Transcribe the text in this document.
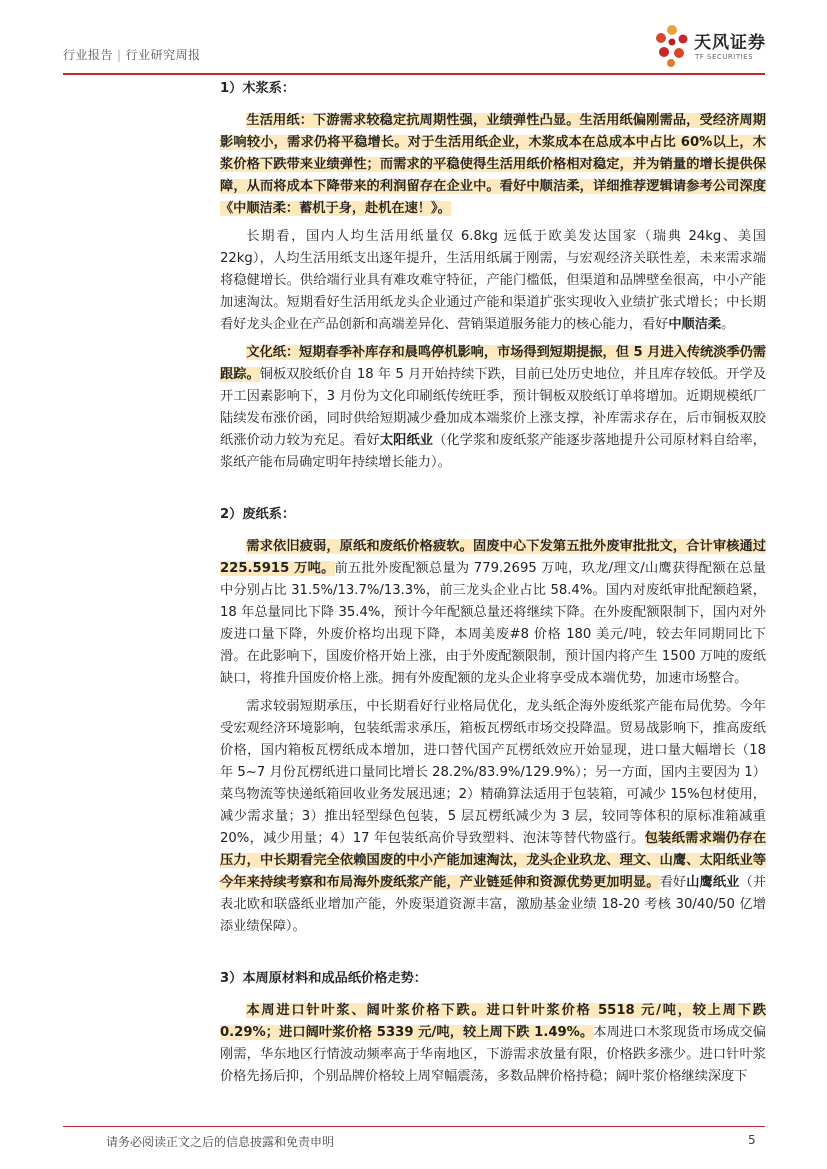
行业报告 | 行业研究周报
天风证券
TF SECURITIES
1）木浆系：

生活用纸：下游需求较稳定抗周期性强，业绩弹性凸显。生活用纸偏刚需品，受经济周期影响较小，需求仍将平稳增长。对于生活用纸企业，木浆成本在总成本中占比 60%以上，木浆价格下跌带来业绩弹性；而需求的平稳使得生活用纸价格相对稳定，并为销量的增长提供保障，从而将成本下降带来的利润留存在企业中。看好中顺洁柔，详细推荐逻辑请参考公司深度《中顺洁柔：蓄机于身，赴机在速！》。

长期看，国内人均生活用纸量仅 6.8kg 远低于欧美发达国家（瑞典 24kg、美国 22kg），人均生活用纸支出逐年提升，生活用纸属于刚需，与宏观经济关联性差，未来需求端将稳健增长。供给端行业具有难攻难守特征，产能门槛低，但渠道和品牌壁垒很高，中小产能加速淘汰。短期看好生活用纸龙头企业通过产能和渠道扩张实现收入业绩扩张式增长；中长期看好龙头企业在产品创新和高端差异化、营销渠道服务能力的核心能力，看好中顺洁柔。

文化纸：短期春季补库存和晨鸣停机影响，市场得到短期提振，但 5 月进入传统淡季仍需跟踪。铜板双胶纸价自 18 年 5 月开始持续下跌，目前已处历史地位，并且库存较低。开学及开工因素影响下，3 月份为文化印刷纸传统旺季，预计铜板双胶纸订单将增加。近期规模纸厂陆续发布涨价函，同时供给短期减少叠加成本端浆价上涨支撑，补库需求存在，后市铜板双胶纸涨价动力较为充足。看好太阳纸业（化学浆和废纸浆产能逐步落地提升公司原材料自给率，浆纸产能布局确定明年持续增长能力）。

2）废纸系：

需求依旧疲弱，原纸和废纸价格疲软。固废中心下发第五批外废审批批文，合计审核通过 225.5915 万吨。前五批外废配额总量为 779.2695 万吨，玖龙/理文/山鹰获得配额在总量中分别占比 31.5%/13.7%/13.3%，前三龙头企业占比 58.4%。国内对废纸审批配额趋紧，18 年总量同比下降 35.4%，预计今年配额总量还将继续下降。在外废配额限制下，国内对外废进口量下降，外废价格均出现下降，本周美废#8 价格 180 美元/吨，较去年同期同比下滑。在此影响下，国废价格开始上涨，由于外废配额限制，预计国内将产生 1500 万吨的废纸缺口，将推升国废价格上涨。拥有外废配额的龙头企业将享受成本端优势，加速市场整合。

需求较弱短期承压，中长期看好行业格局优化，龙头纸企海外废纸浆产能布局优势。今年受宏观经济环境影响，包装纸需求承压，箱板瓦楞纸市场交投降温。贸易战影响下，推高废纸价格，国内箱板瓦楞纸成本增加，进口替代国产瓦楞纸效应开始显现，进口量大幅增长（18 年 5~7 月份瓦楞纸进口量同比增长 28.2%/83.9%/129.9%）；另一方面，国内主要因为 1）菜鸟物流等快递纸箱回收业务发展迅速；2）精确算法适用于包装箱，可减少 15%包材使用，减少需求量；3）推出轻型绿色包装，5 层瓦楞纸减少为 3 层，较同等体积的原标准箱减重 20%，减少用量；4）17 年包装纸高价导致塑料、泡沫等替代物盛行。包装纸需求端仍存在压力，中长期看完全依赖国废的中小产能加速淘汰，龙头企业玖龙、理文、山鹰、太阳纸业等今年来持续考察和布局海外废纸浆产能，产业链延伸和资源优势更加明显。看好山鹰纸业（并表北欧和联盛纸业增加产能，外废渠道资源丰富，激励基金业绩 18-20 考核 30/40/50 亿增添业绩保障）。

3）本周原材料和成品纸价格走势：

本周进口针叶浆、阔叶浆价格下跌。进口针叶浆价格 5518 元/吨，较上周下跌 0.29%；进口阔叶浆价格 5339 元/吨，较上周下跌 1.49%。本周进口木浆现货市场成交偏刚需，华东地区行情波动频率高于华南地区，下游需求放量有限，价格跌多涨少。进口针叶浆价格先扬后抑，个别品牌价格较上周窄幅震荡，多数品牌价格持稳；阔叶浆价格继续深度下

请务必阅读正文之后的信息披露和免责申明	5
